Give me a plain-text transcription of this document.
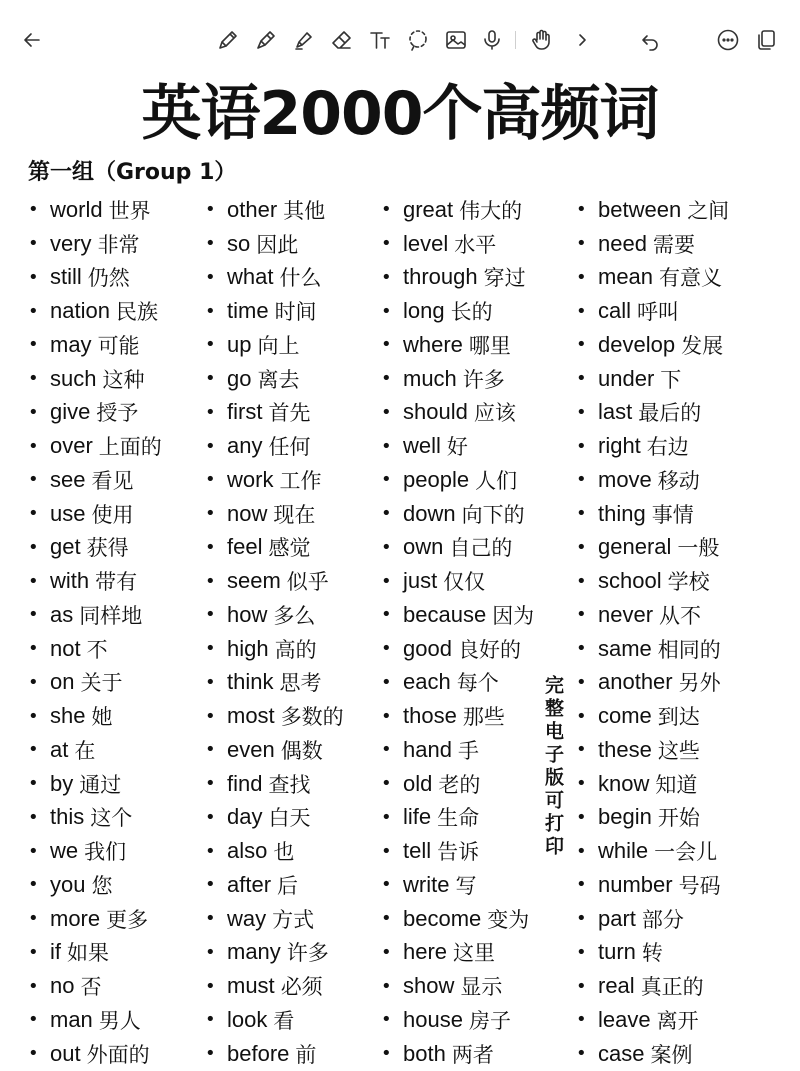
英语2000个高频词
第一组（Group 1）
• world 世界
• very 非常
• still 仍然
• nation 民族
• may 可能
• such 这种
• give 授予
• over 上面的
• see 看见
• use 使用
• get 获得
• with 带有
• as 同样地
• not 不
• on 关于
• she 她
• at 在
• by 通过
• this 这个
• we 我们
• you 您
• more 更多
• if 如果
• no 否
• man 男人
• out 外面的
• other 其他
• so 因此
• what 什么
• time 时间
• up 向上
• go 离去
• first 首先
• any 任何
• work 工作
• now 现在
• feel 感觉
• seem 似乎
• how 多么
• high 高的
• think 思考
• most 多数的
• even 偶数
• find 查找
• day 白天
• also 也
• after 后
• way 方式
• many 许多
• must 必须
• look 看
• before 前
• great 伟大的
• level 水平
• through 穿过
• long 长的
• where 哪里
• much 许多
• should 应该
• well 好
• people 人们
• down 向下的
• own 自己的
• just 仅仅
• because 因为
• good 良好的
• each 每个
• those 那些
• hand 手
• old 老的
• life 生命
• tell 告诉
• write 写
• become 变为
• here 这里
• show 显示
• house 房子
• both 两者
• between 之间
• need 需要
• mean 有意义
• call 呼叫
• develop 发展
• under 下
• last 最后的
• right 右边
• move 移动
• thing 事情
• general 一般
• school 学校
• never 从不
• same 相同的
• another 另外
• come 到达
• these 这些
• know 知道
• begin 开始
• while 一会儿
• number 号码
• part 部分
• turn 转
• real 真正的
• leave 离开
• case 案例
完整电子版可打印
